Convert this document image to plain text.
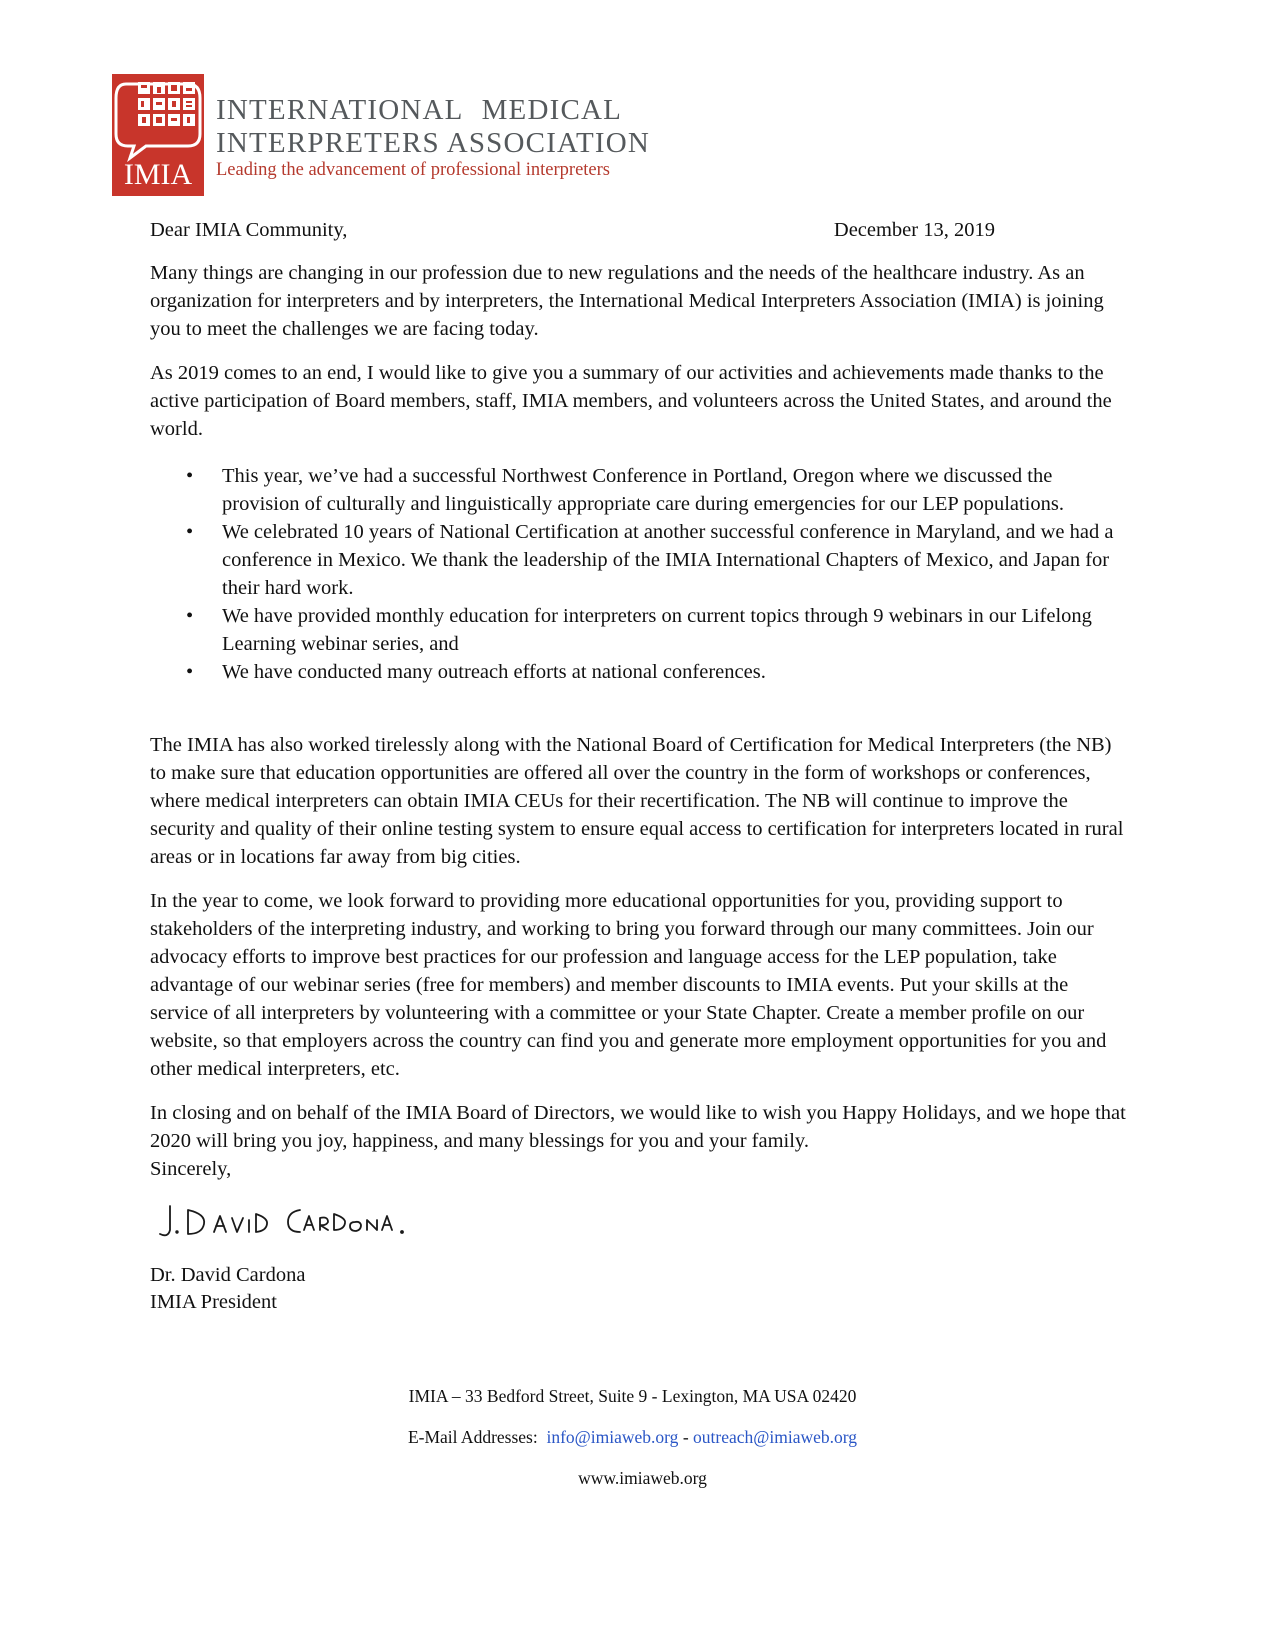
IMIA
INTERNATIONAL MEDICAL
INTERPRETERS ASSOCIATION
Leading the advancement of professional interpreters
Dear IMIA Community,	December 13, 2019

Many things are changing in our profession due to new regulations and the needs of the healthcare industry. As an organization for interpreters and by interpreters, the International Medical Interpreters Association (IMIA) is joining you to meet the challenges we are facing today.

As 2019 comes to an end, I would like to give you a summary of our activities and achievements made thanks to the active participation of Board members, staff, IMIA members, and volunteers across the United States, and around the world.

• This year, we’ve had a successful Northwest Conference in Portland, Oregon where we discussed the provision of culturally and linguistically appropriate care during emergencies for our LEP populations.
• We celebrated 10 years of National Certification at another successful conference in Maryland, and we had a conference in Mexico. We thank the leadership of the IMIA International Chapters of Mexico, and Japan for their hard work.
• We have provided monthly education for interpreters on current topics through 9 webinars in our Lifelong Learning webinar series, and
• We have conducted many outreach efforts at national conferences.

The IMIA has also worked tirelessly along with the National Board of Certification for Medical Interpreters (the NB) to make sure that education opportunities are offered all over the country in the form of workshops or conferences, where medical interpreters can obtain IMIA CEUs for their recertification. The NB will continue to improve the security and quality of their online testing system to ensure equal access to certification for interpreters located in rural areas or in locations far away from big cities.

In the year to come, we look forward to providing more educational opportunities for you, providing support to stakeholders of the interpreting industry, and working to bring you forward through our many committees. Join our advocacy efforts to improve best practices for our profession and language access for the LEP population, take advantage of our webinar series (free for members) and member discounts to IMIA events. Put your skills at the service of all interpreters by volunteering with a committee or your State Chapter. Create a member profile on our website, so that employers across the country can find you and generate more employment opportunities for you and other medical interpreters, etc.

In closing and on behalf of the IMIA Board of Directors, we would like to wish you Happy Holidays, and we hope that 2020 will bring you joy, happiness, and many blessings for you and your family.

Sincerely,

Dr. David Cardona
IMIA President
IMIA – 33 Bedford Street, Suite 9 - Lexington, MA USA 02420
E-Mail Addresses: info@imiaweb.org - outreach@imiaweb.org
www.imiaweb.org
